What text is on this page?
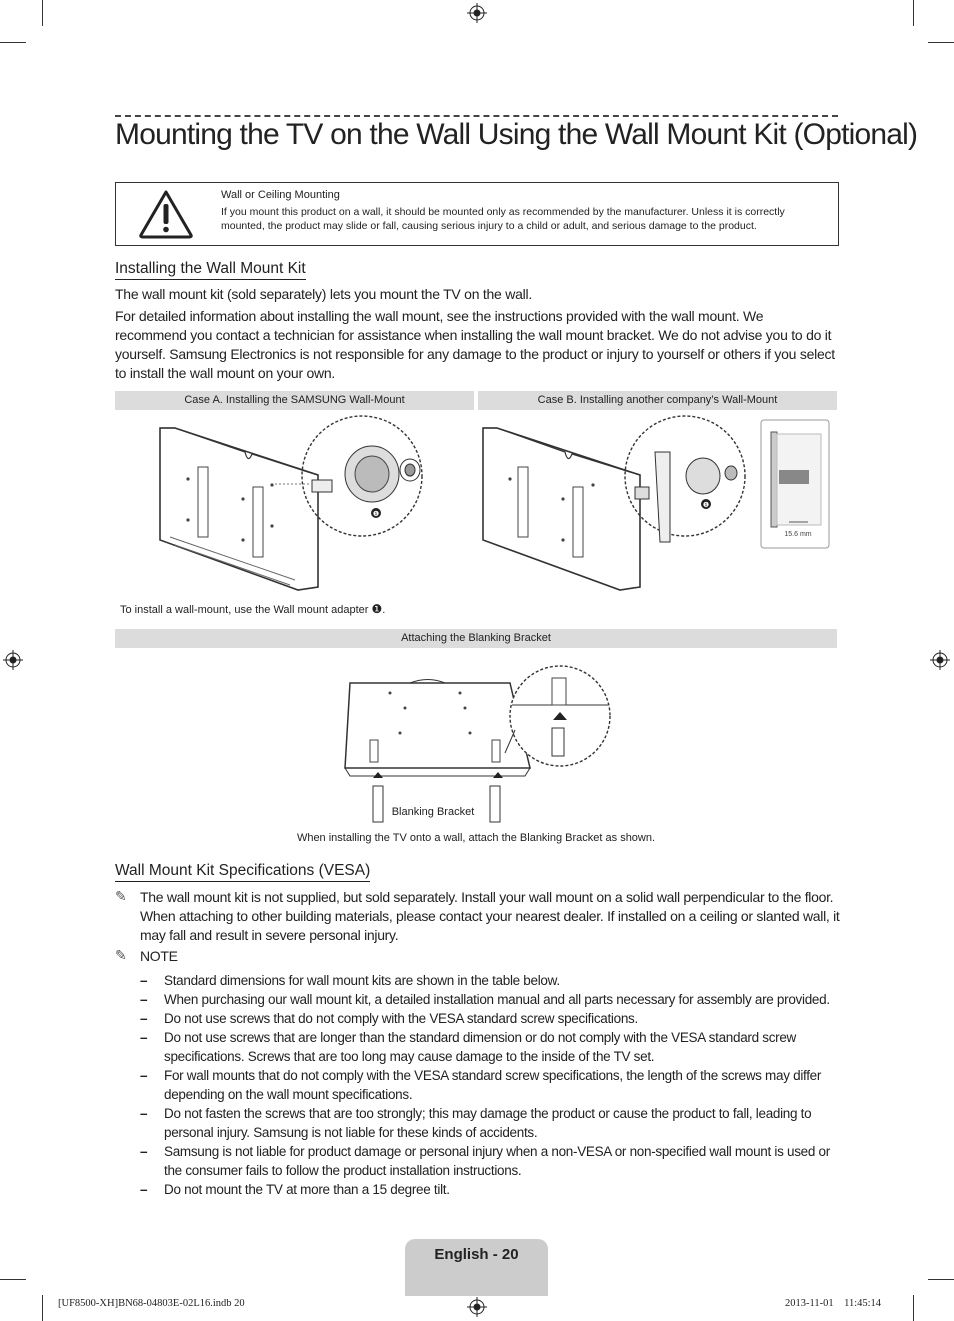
Mounting the TV on the Wall Using the Wall Mount Kit (Optional)
Wall or Ceiling Mounting
If you mount this product on a wall, it should be mounted only as recommended by the manufacturer. Unless it is correctly mounted, the product may slide or fall, causing serious injury to a child or adult, and serious damage to the product.
Installing the Wall Mount Kit
The wall mount kit (sold separately) lets you mount the TV on the wall.
For detailed information about installing the wall mount, see the instructions provided with the wall mount. We recommend you contact a technician for assistance when installing the wall mount bracket. We do not advise you to do it yourself. Samsung Electronics is not responsible for any damage to the product or injury to yourself or others if you select to install the wall mount on your own.
Case A. Installing the SAMSUNG Wall-Mount	Case B. Installing another company’s Wall-Mount
❶
❶
15.6 mm
To install a wall-mount, use the Wall mount adapter ❶.
Attaching the Blanking Bracket
Blanking Bracket
When installing the TV onto a wall, attach the Blanking Bracket as shown.
Wall Mount Kit Specifications (VESA)
✎ The wall mount kit is not supplied, but sold separately. Install your wall mount on a solid wall perpendicular to the floor. When attaching to other building materials, please contact your nearest dealer. If installed on a ceiling or slanted wall, it may fall and result in severe personal injury.
✎ NOTE
– Standard dimensions for wall mount kits are shown in the table below.
– When purchasing our wall mount kit, a detailed installation manual and all parts necessary for assembly are provided.
– Do not use screws that do not comply with the VESA standard screw specifications.
– Do not use screws that are longer than the standard dimension or do not comply with the VESA standard screw specifications. Screws that are too long may cause damage to the inside of the TV set.
– For wall mounts that do not comply with the VESA standard screw specifications, the length of the screws may differ depending on the wall mount specifications.
– Do not fasten the screws that are too strongly; this may damage the product or cause the product to fall, leading to personal injury. Samsung is not liable for these kinds of accidents.
– Samsung is not liable for product damage or personal injury when a non-VESA or non-specified wall mount is used or the consumer fails to follow the product installation instructions.
– Do not mount the TV at more than a 15 degree tilt.
English - 20
[UF8500-XH]BN68-04803E-02L16.indb 20	2013-11-01    11:45:14
